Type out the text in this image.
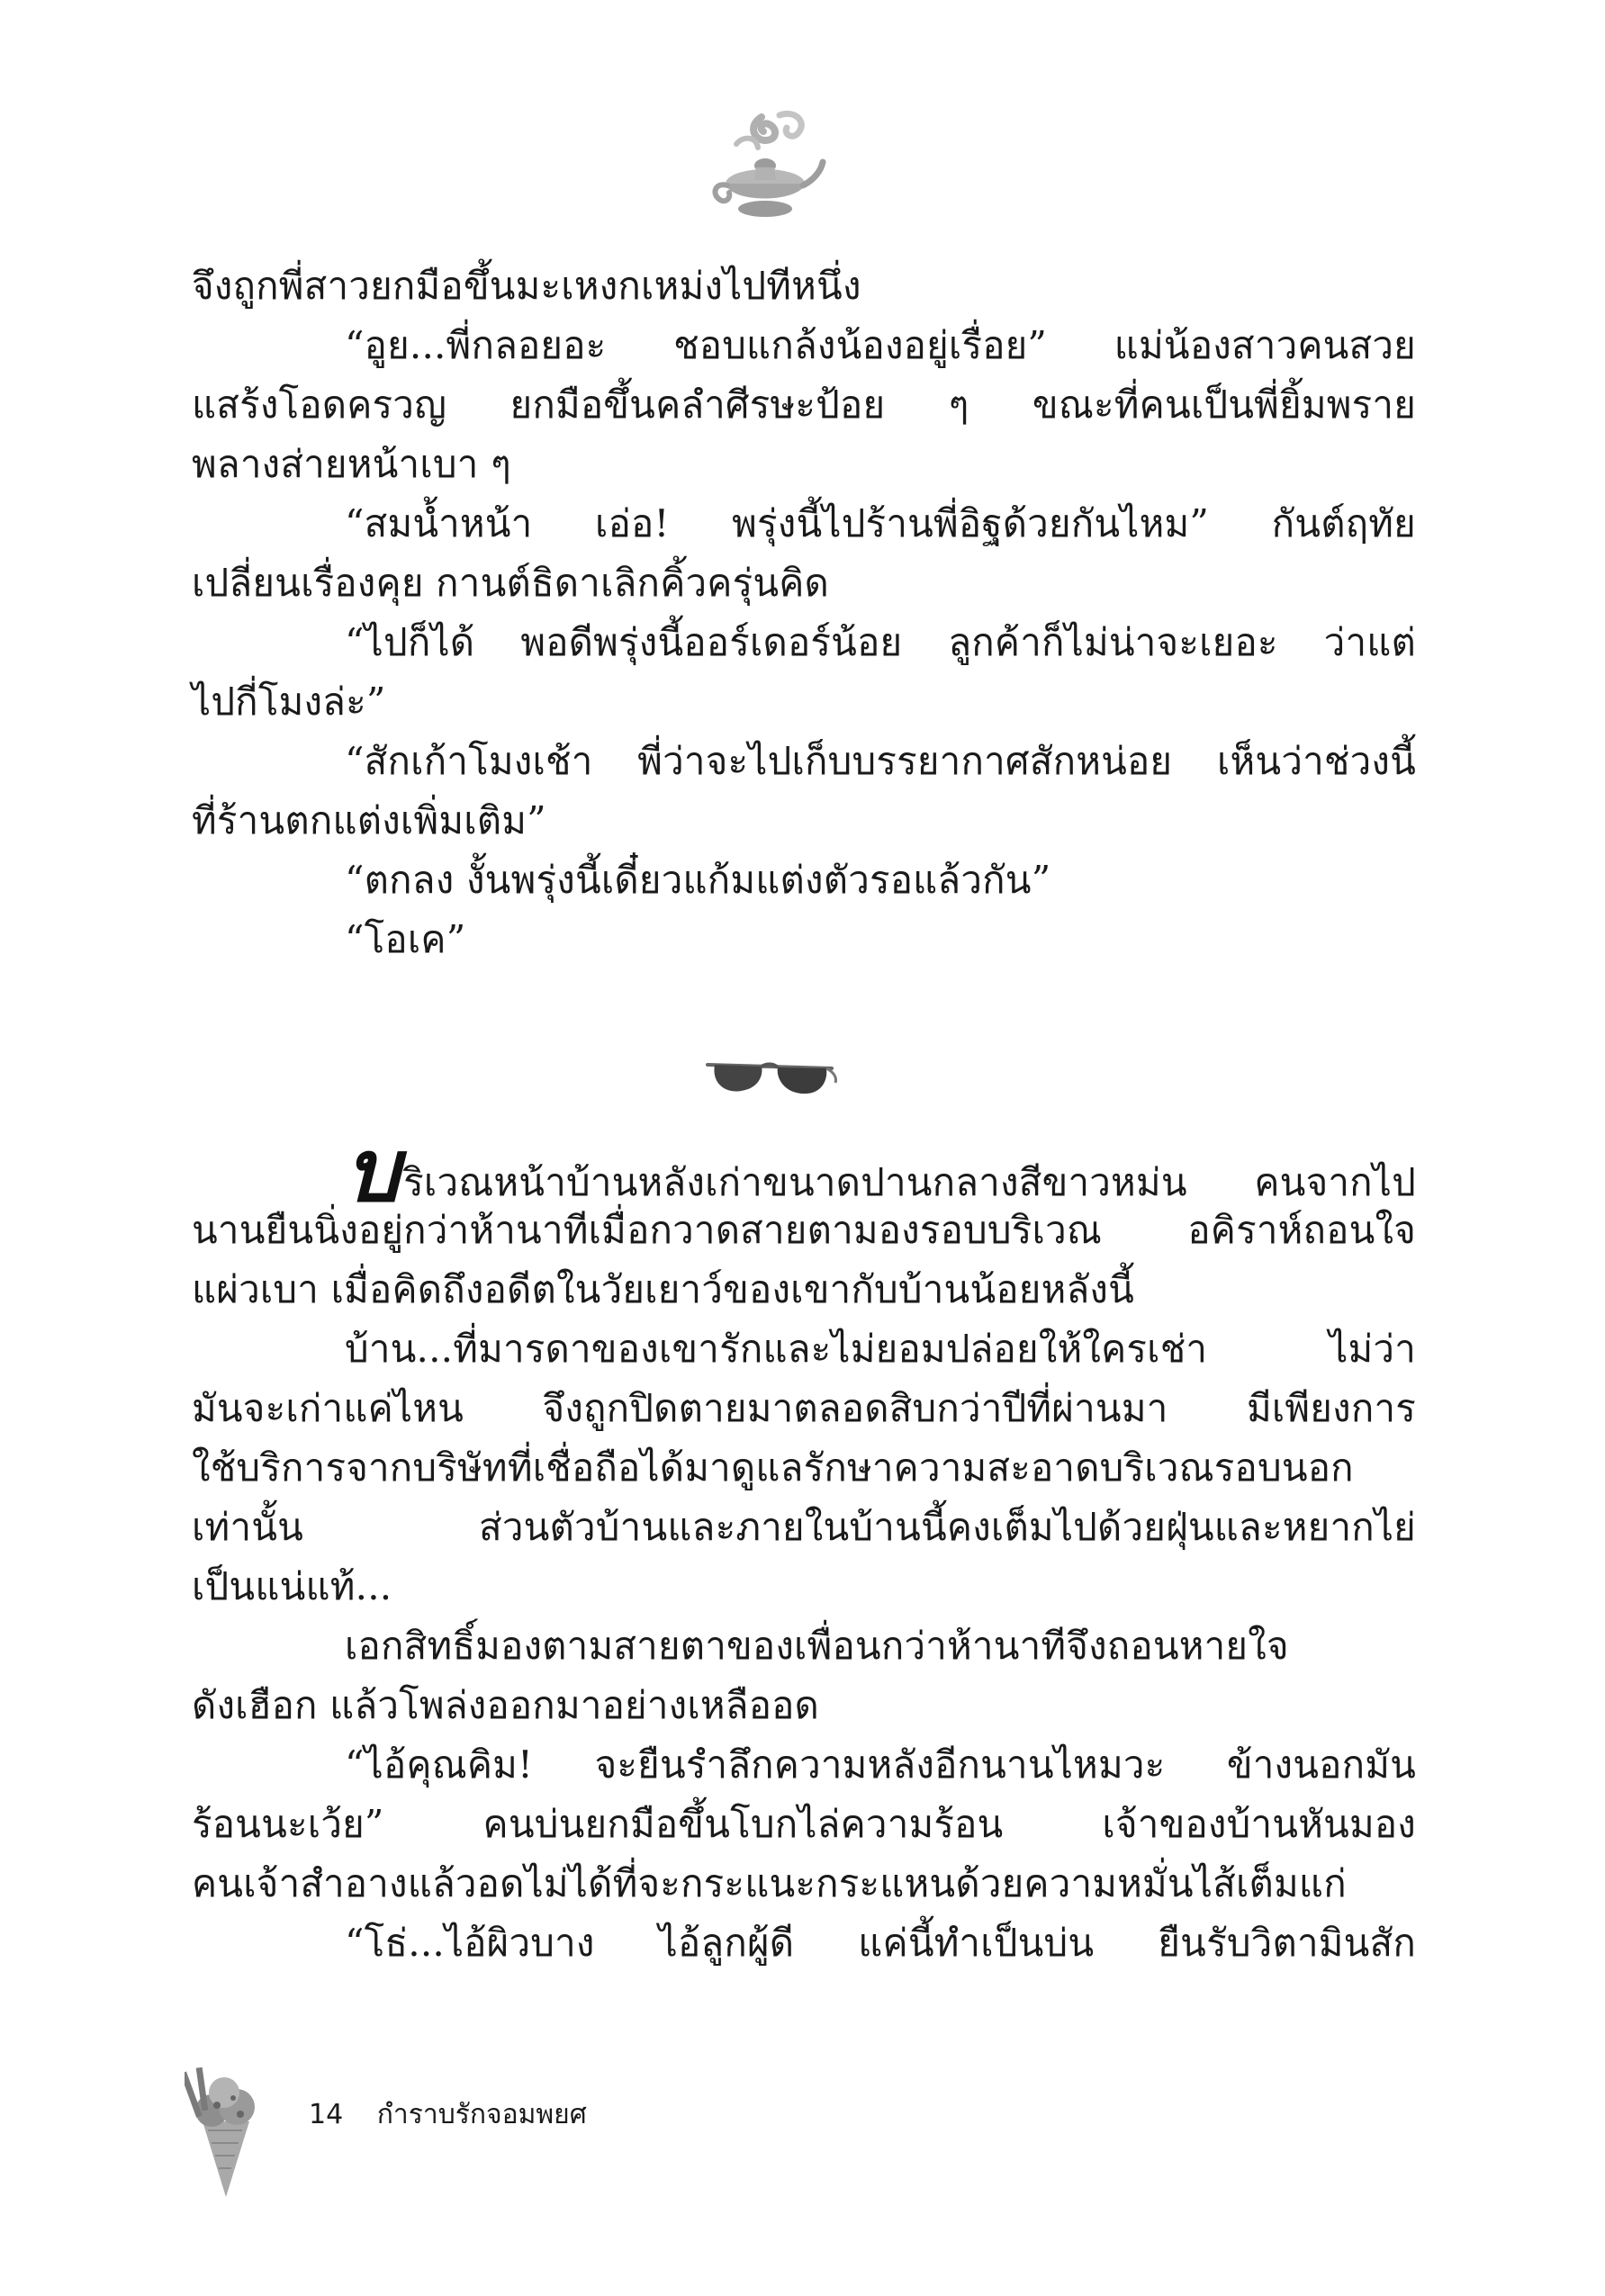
จึงถูกพี่สาวยกมือขึ้นมะเหงกเหม่งไปทีหนึ่ง
“อูย...พี่กลอยอะ ชอบแกล้งน้องอยู่เรื่อย” แม่น้องสาวคนสวย
แสร้งโอดครวญ ยกมือขึ้นคลำศีรษะป้อย ๆ ขณะที่คนเป็นพี่ยิ้มพราย
พลางส่ายหน้าเบา ๆ
“สมน้ำหน้า เอ่อ! พรุ่งนี้ไปร้านพี่อิฐด้วยกันไหม” กันต์ฤทัย
เปลี่ยนเรื่องคุย กานต์ธิดาเลิกคิ้วครุ่นคิด
“ไปก็ได้ พอดีพรุ่งนี้ออร์เดอร์น้อย ลูกค้าก็ไม่น่าจะเยอะ ว่าแต่
ไปกี่โมงล่ะ”
“สักเก้าโมงเช้า พี่ว่าจะไปเก็บบรรยากาศสักหน่อย เห็นว่าช่วงนี้
ที่ร้านตกแต่งเพิ่มเติม”
“ตกลง งั้นพรุ่งนี้เดี๋ยวแก้มแต่งตัวรอแล้วกัน”
“โอเค”
บริเวณหน้าบ้านหลังเก่าขนาดปานกลางสีขาวหม่น คนจากไป
นานยืนนิ่งอยู่กว่าห้านาทีเมื่อกวาดสายตามองรอบบริเวณ อคิราห์ถอนใจ
แผ่วเบา เมื่อคิดถึงอดีตในวัยเยาว์ของเขากับบ้านน้อยหลังนี้
บ้าน...ที่มารดาของเขารักและไม่ยอมปล่อยให้ใครเช่า ไม่ว่า
มันจะเก่าแค่ไหน จึงถูกปิดตายมาตลอดสิบกว่าปีที่ผ่านมา มีเพียงการ
ใช้บริการจากบริษัทที่เชื่อถือได้มาดูแลรักษาความสะอาดบริเวณรอบนอก
เท่านั้น ส่วนตัวบ้านและภายในบ้านนี้คงเต็มไปด้วยฝุ่นและหยากไย่
เป็นแน่แท้...
เอกสิทธิ์มองตามสายตาของเพื่อนกว่าห้านาทีจึงถอนหายใจ
ดังเฮือก แล้วโพล่งออกมาอย่างเหลืออด
“ไอ้คุณคิม! จะยืนรำลึกความหลังอีกนานไหมวะ ข้างนอกมัน
ร้อนนะเว้ย” คนบ่นยกมือขึ้นโบกไล่ความร้อน เจ้าของบ้านหันมอง
คนเจ้าสำอางแล้วอดไม่ได้ที่จะกระแนะกระแหนด้วยความหมั่นไส้เต็มแก่
“โธ่...ไอ้ผิวบาง ไอ้ลูกผู้ดี แค่นี้ทำเป็นบ่น ยืนรับวิตามินสัก
14 กำราบรักจอมพยศ
